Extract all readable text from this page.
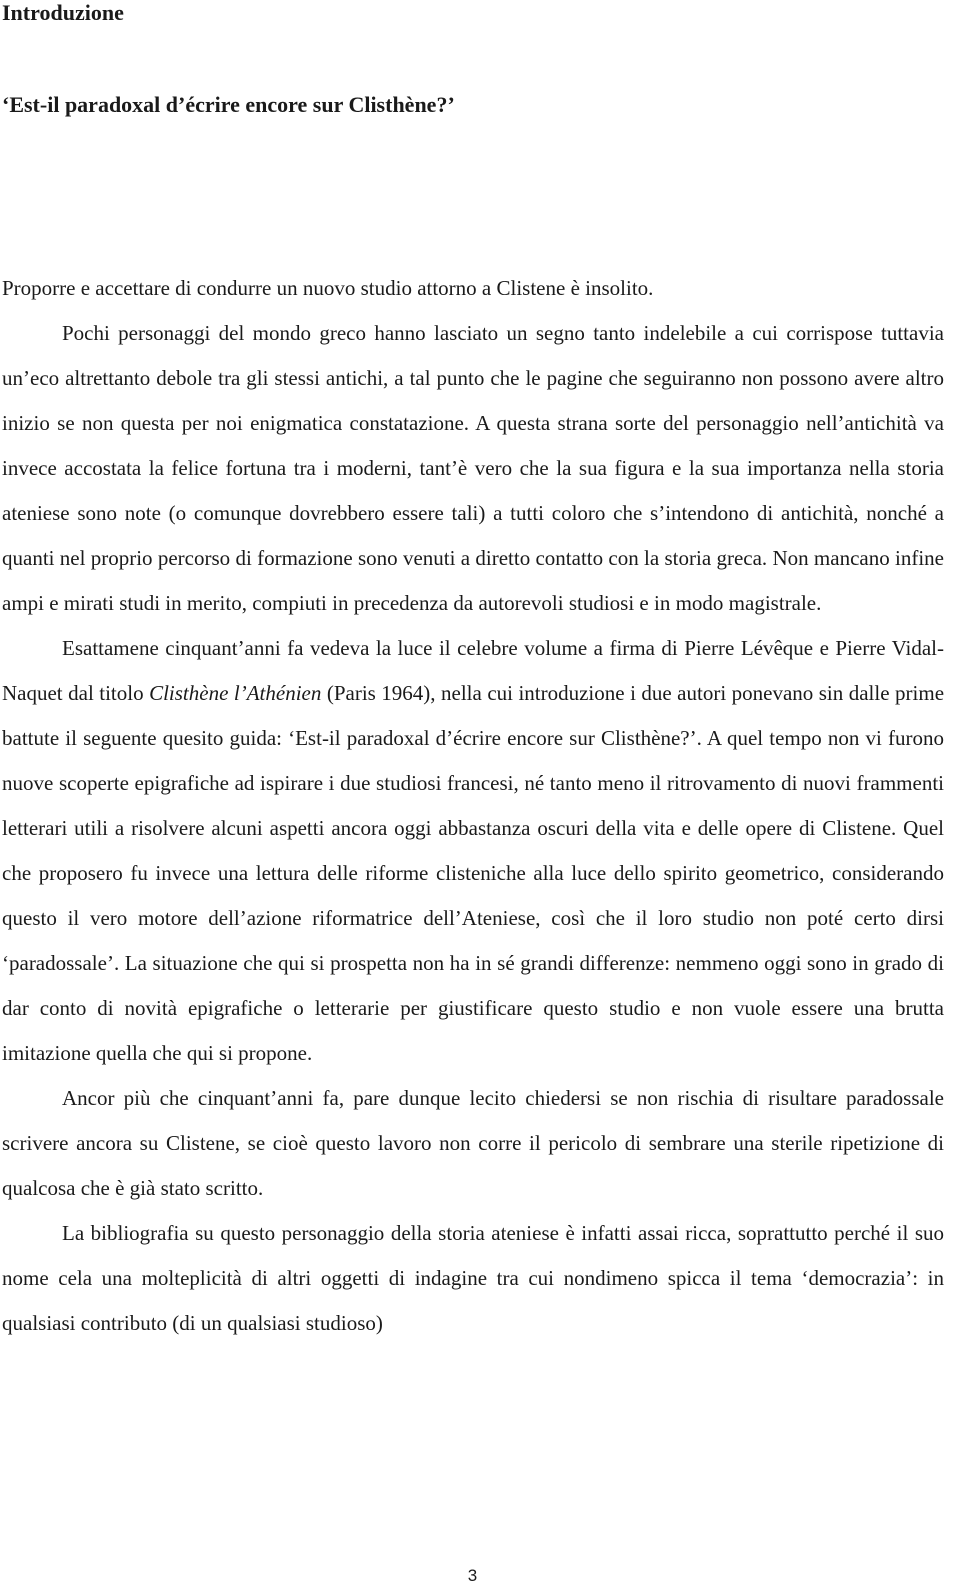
Introduzione
‘Est-il paradoxal d’écrire encore sur Clisthène?’

Proporre e accettare di condurre un nuovo studio attorno a Clistene è insolito.

Pochi personaggi del mondo greco hanno lasciato un segno tanto indelebile a cui corrispose tuttavia un’eco altrettanto debole tra gli stessi antichi, a tal punto che le pagine che seguiranno non possono avere altro inizio se non questa per noi enigmatica constatazione. A questa strana sorte del personaggio nell’antichità va invece accostata la felice fortuna tra i moderni, tant’è vero che la sua figura e la sua importanza nella storia ateniese sono note (o comunque dovrebbero essere tali) a tutti coloro che s’intendono di antichità, nonché a quanti nel proprio percorso di formazione sono venuti a diretto contatto con la storia greca. Non mancano infine ampi e mirati studi in merito, compiuti in precedenza da autorevoli studiosi e in modo magistrale.

Esattamene cinquant’anni fa vedeva la luce il celebre volume a firma di Pierre Lévêque e Pierre Vidal-Naquet dal titolo Clisthène l’Athénien (Paris 1964), nella cui introduzione i due autori ponevano sin dalle prime battute il seguente quesito guida: ‘Est-il paradoxal d’écrire encore sur Clisthène?’. A quel tempo non vi furono nuove scoperte epigrafiche ad ispirare i due studiosi francesi, né tanto meno il ritrovamento di nuovi frammenti letterari utili a risolvere alcuni aspetti ancora oggi abbastanza oscuri della vita e delle opere di Clistene. Quel che proposero fu invece una lettura delle riforme clisteniche alla luce dello spirito geometrico, considerando questo il vero motore dell’azione riformatrice dell’Ateniese, così che il loro studio non poté certo dirsi ‘paradossale’. La situazione che qui si prospetta non ha in sé grandi differenze: nemmeno oggi sono in grado di dar conto di novità epigrafiche o letterarie per giustificare questo studio e non vuole essere una brutta imitazione quella che qui si propone.

Ancor più che cinquant’anni fa, pare dunque lecito chiedersi se non rischia di risultare paradossale scrivere ancora su Clistene, se cioè questo lavoro non corre il pericolo di sembrare una sterile ripetizione di qualcosa che è già stato scritto.

La bibliografia su questo personaggio della storia ateniese è infatti assai ricca, soprattutto perché il suo nome cela una molteplicità di altri oggetti di indagine tra cui nondimeno spicca il tema ‘democrazia’: in qualsiasi contributo (di un qualsiasi studioso)

3
